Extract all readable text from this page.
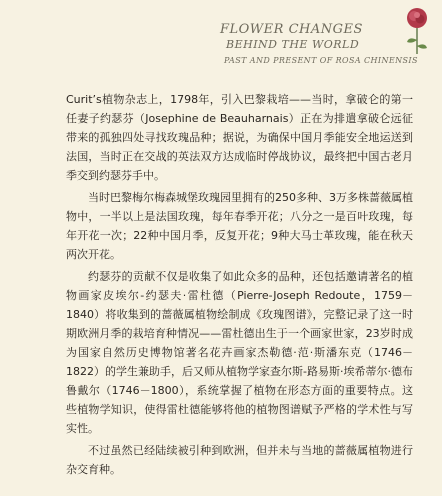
FLOWER CHANGES
BEHIND THE WORLD
PAST AND PRESENT OF ROSA CHINENSIS

Curit’s植物杂志上，1798年，引入巴黎栽培——当时，拿破仑的第一任妻子约瑟芬（Josephine de Beauharnais）正在为排遣拿破仑远征带来的孤独四处寻找玫瑰品种；据说，为确保中国月季能安全地运送到法国，当时正在交战的英法双方达成临时停战协议，最终把中国古老月季交到约瑟芬手中。

当时巴黎梅尔梅森城堡玫瑰园里拥有的250多种、3万多株蔷薇属植物中，一半以上是法国玫瑰，每年春季开花；八分之一是百叶玫瑰，每年开花一次；22种中国月季，反复开花；9种大马士革玫瑰，能在秋天两次开花。

约瑟芬的贡献不仅是收集了如此众多的品种，还包括邀请著名的植物画家皮埃尔-约瑟夫·雷杜德（Pierre-Joseph Redoute，1759－1840）将收集到的蔷薇属植物绘制成《玫瑰图谱》，完整记录了这一时期欧洲月季的栽培育种情况——雷杜德出生于一个画家世家，23岁时成为国家自然历史博物馆著名花卉画家杰勒德·范·斯潘东克（1746－1822）的学生兼助手，后又师从植物学家查尔斯-路易斯·埃希蒂尔·德布鲁戴尔（1746－1800），系统掌握了植物在形态方面的重要特点。这些植物学知识，使得雷杜德能够将他的植物图谱赋予严格的学术性与写实性。

不过虽然已经陆续被引种到欧洲，但并未与当地的蔷薇属植物进行杂交育种。
